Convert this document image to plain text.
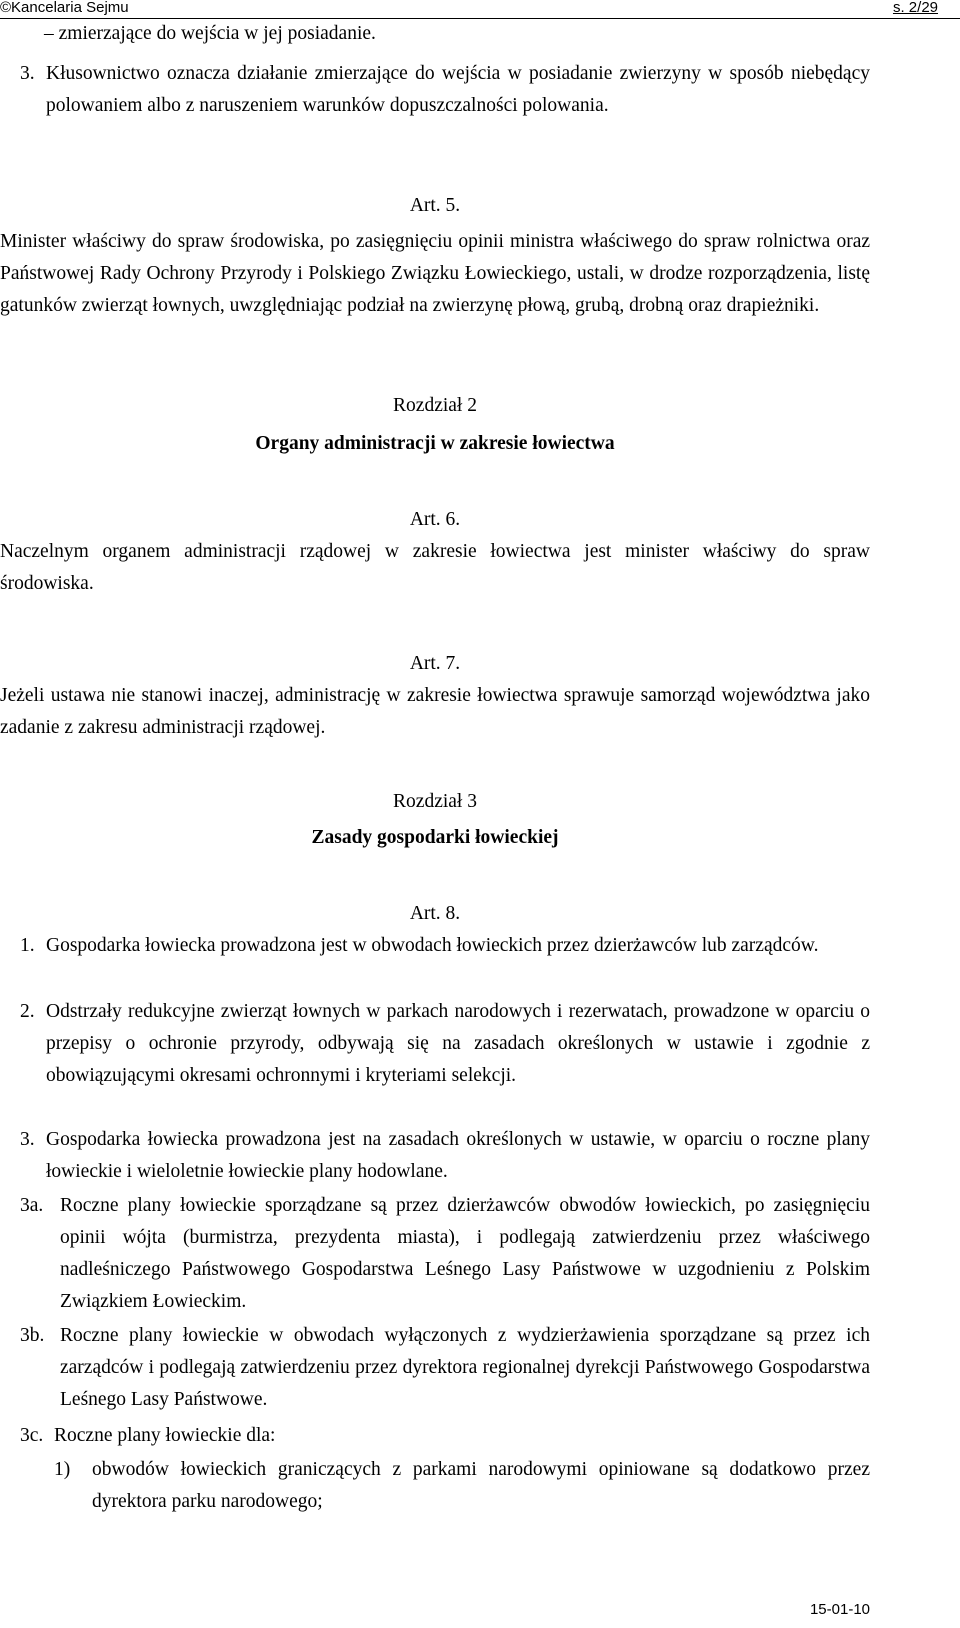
©Kancelaria Sejmu	s. 2/29
– zmierzające do wejścia w jej posiadanie.
3. Kłusownictwo oznacza działanie zmierzające do wejścia w posiadanie zwierzyny w sposób niebędący polowaniem albo z naruszeniem warunków dopuszczalności polowania.
Art. 5.
Minister właściwy do spraw środowiska, po zasięgnięciu opinii ministra właściwego do spraw rolnictwa oraz Państwowej Rady Ochrony Przyrody i Polskiego Związku Łowieckiego, ustali, w drodze rozporządzenia, listę gatunków zwierząt łownych, uwzględniając podział na zwierzynę płową, grubą, drobną oraz drapieżniki.
Rozdział 2
Organy administracji w zakresie łowiectwa
Art. 6.
Naczelnym organem administracji rządowej w zakresie łowiectwa jest minister właściwy do spraw środowiska.
Art. 7.
Jeżeli ustawa nie stanowi inaczej, administrację w zakresie łowiectwa sprawuje samorząd województwa jako zadanie z zakresu administracji rządowej.
Rozdział 3
Zasady gospodarki łowieckiej
Art. 8.
1. Gospodarka łowiecka prowadzona jest w obwodach łowieckich przez dzierżawców lub zarządców.
2. Odstrzały redukcyjne zwierząt łownych w parkach narodowych i rezerwatach, prowadzone w oparciu o przepisy o ochronie przyrody, odbywają się na zasadach określonych w ustawie i zgodnie z obowiązującymi okresami ochronnymi i kryteriami selekcji.
3. Gospodarka łowiecka prowadzona jest na zasadach określonych w ustawie, w oparciu o roczne plany łowieckie i wieloletnie łowieckie plany hodowlane.
3a. Roczne plany łowieckie sporządzane są przez dzierżawców obwodów łowieckich, po zasięgnięciu opinii wójta (burmistrza, prezydenta miasta), i podlegają zatwierdzeniu przez właściwego nadleśniczego Państwowego Gospodarstwa Leśnego Lasy Państwowe w uzgodnieniu z Polskim Związkiem Łowieckim.
3b. Roczne plany łowieckie w obwodach wyłączonych z wydzierżawienia sporządzane są przez ich zarządców i podlegają zatwierdzeniu przez dyrektora regionalnej dyrekcji Państwowego Gospodarstwa Leśnego Lasy Państwowe.
3c. Roczne plany łowieckie dla:
1)	obwodów łowieckich graniczących z parkami narodowymi opiniowane są dodatkowo przez dyrektora parku narodowego;
15-01-10
